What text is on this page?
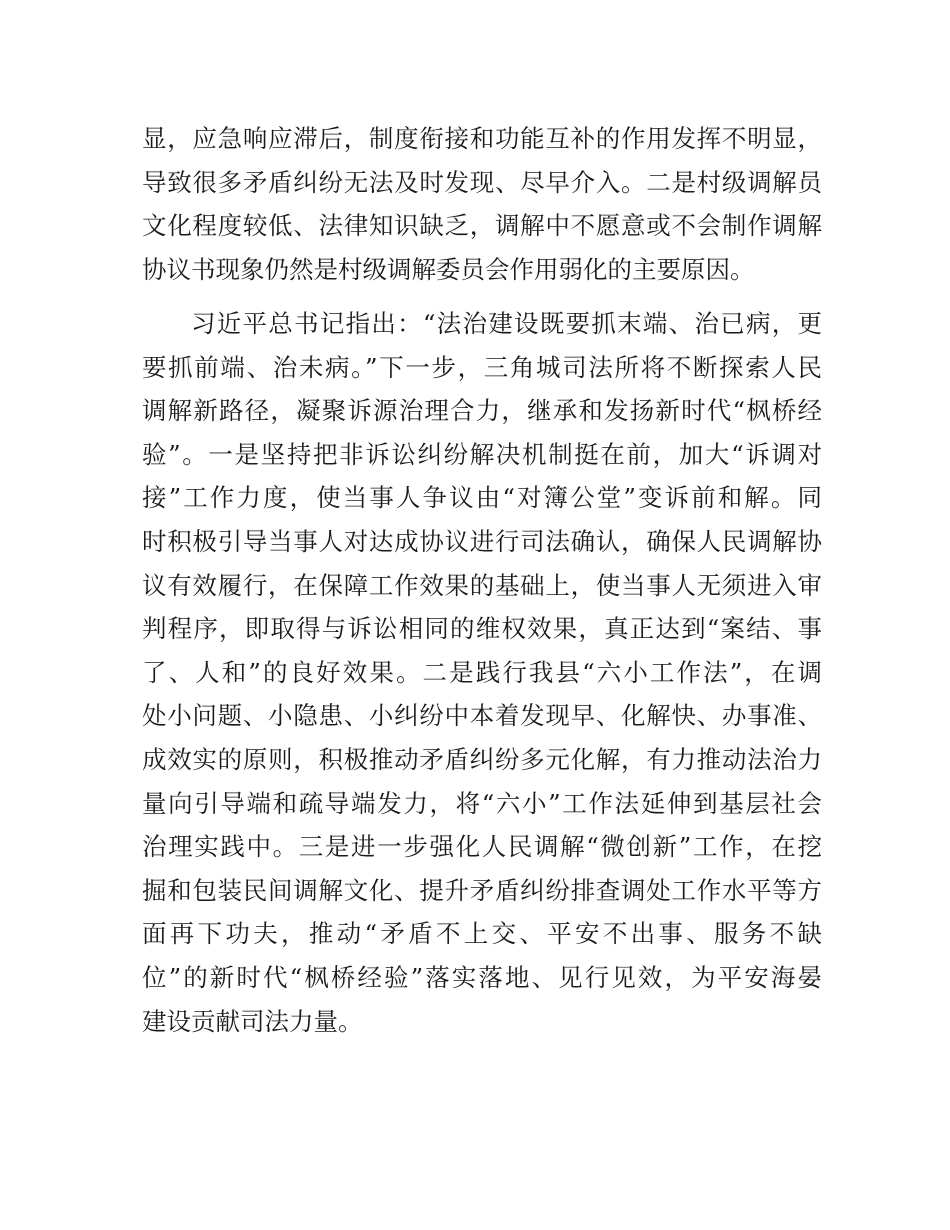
显，应急响应滞后，制度衔接和功能互补的作用发挥不明显，
导致很多矛盾纠纷无法及时发现、尽早介入。二是村级调解员
文化程度较低、法律知识缺乏，调解中不愿意或不会制作调解
协议书现象仍然是村级调解委员会作用弱化的主要原因。
习近平总书记指出：“法治建设既要抓末端、治已病，更
要抓前端、治未病。”下一步，三角城司法所将不断探索人民
调解新路径，凝聚诉源治理合力，继承和发扬新时代“枫桥经
验”。一是坚持把非诉讼纠纷解决机制挺在前，加大“诉调对
接”工作力度，使当事人争议由“对簿公堂”变诉前和解。同
时积极引导当事人对达成协议进行司法确认，确保人民调解协
议有效履行，在保障工作效果的基础上，使当事人无须进入审
判程序，即取得与诉讼相同的维权效果，真正达到“案结、事
了、人和”的良好效果。二是践行我县“六小工作法”，在调
处小问题、小隐患、小纠纷中本着发现早、化解快、办事准、
成效实的原则，积极推动矛盾纠纷多元化解，有力推动法治力
量向引导端和疏导端发力，将“六小”工作法延伸到基层社会
治理实践中。三是进一步强化人民调解“微创新”工作，在挖
掘和包装民间调解文化、提升矛盾纠纷排查调处工作水平等方
面再下功夫，推动“矛盾不上交、平安不出事、服务不缺
位”的新时代“枫桥经验”落实落地、见行见效，为平安海晏
建设贡献司法力量。
